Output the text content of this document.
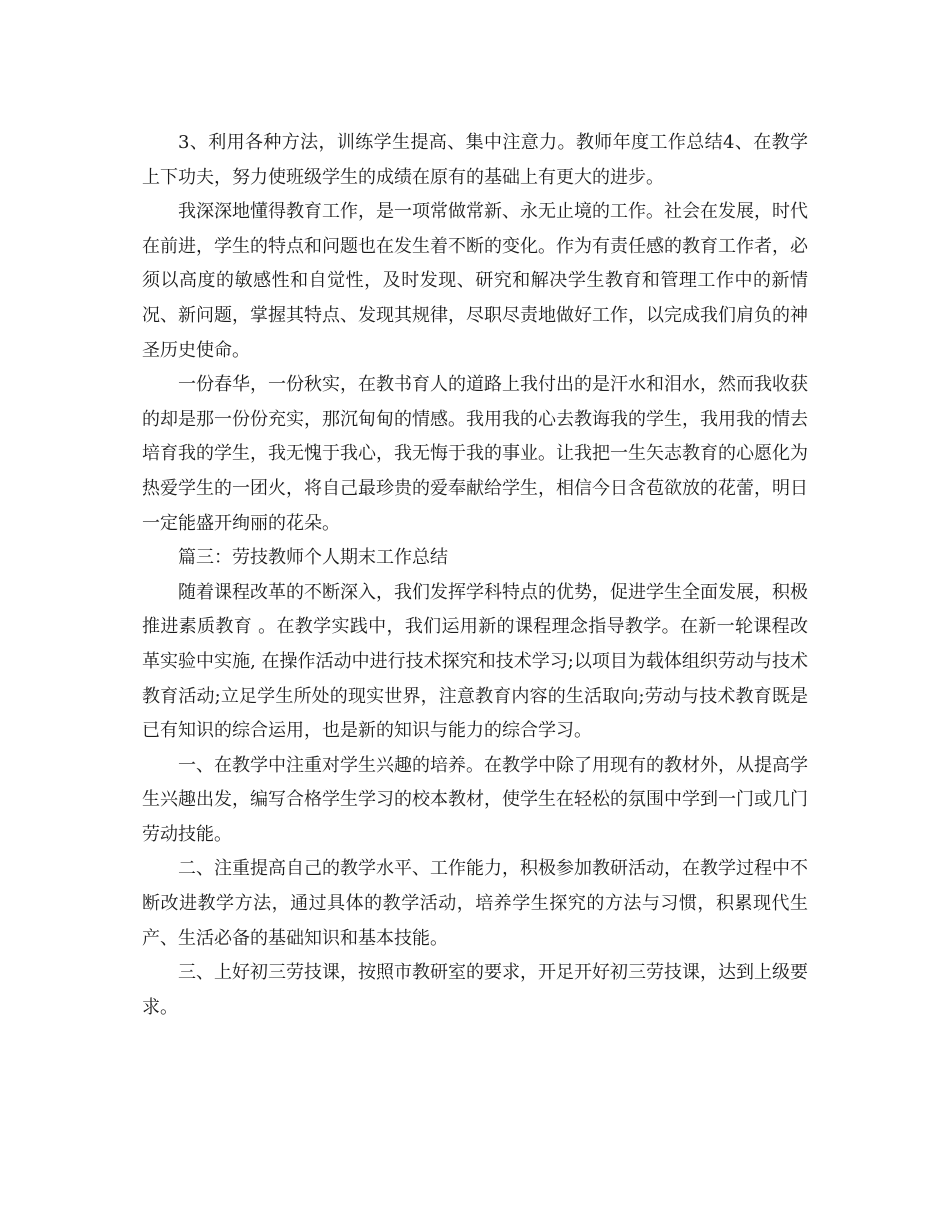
3、利用各种方法，训练学生提高、集中注意力。教师年度工作总结4、在教学上下功夫，努力使班级学生的成绩在原有的基础上有更大的进步。

我深深地懂得教育工作，是一项常做常新、永无止境的工作。社会在发展，时代在前进，学生的特点和问题也在发生着不断的变化。作为有责任感的教育工作者，必须以高度的敏感性和自觉性，及时发现、研究和解决学生教育和管理工作中的新情况、新问题，掌握其特点、发现其规律，尽职尽责地做好工作，以完成我们肩负的神圣历史使命。

一份春华，一份秋实，在教书育人的道路上我付出的是汗水和泪水，然而我收获的却是那一份份充实，那沉甸甸的情感。我用我的心去教诲我的学生，我用我的情去培育我的学生，我无愧于我心，我无悔于我的事业。让我把一生矢志教育的心愿化为热爱学生的一团火，将自己最珍贵的爱奉献给学生，相信今日含苞欲放的花蕾，明日一定能盛开绚丽的花朵。

篇三：劳技教师个人期末工作总结

随着课程改革的不断深入，我们发挥学科特点的优势，促进学生全面发展，积极推进素质教育 。在教学实践中，我们运用新的课程理念指导教学。在新一轮课程改革实验中实施, 在操作活动中进行技术探究和技术学习;以项目为载体组织劳动与技术教育活动;立足学生所处的现实世界，注意教育内容的生活取向;劳动与技术教育既是已有知识的综合运用，也是新的知识与能力的综合学习。

一、在教学中注重对学生兴趣的培养。在教学中除了用现有的教材外，从提高学生兴趣出发，编写合格学生学习的校本教材，使学生在轻松的氛围中学到一门或几门劳动技能。

二、注重提高自己的教学水平、工作能力，积极参加教研活动，在教学过程中不断改进教学方法，通过具体的教学活动，培养学生探究的方法与习惯，积累现代生产、生活必备的基础知识和基本技能。

三、上好初三劳技课，按照市教研室的要求，开足开好初三劳技课，达到上级要求。
